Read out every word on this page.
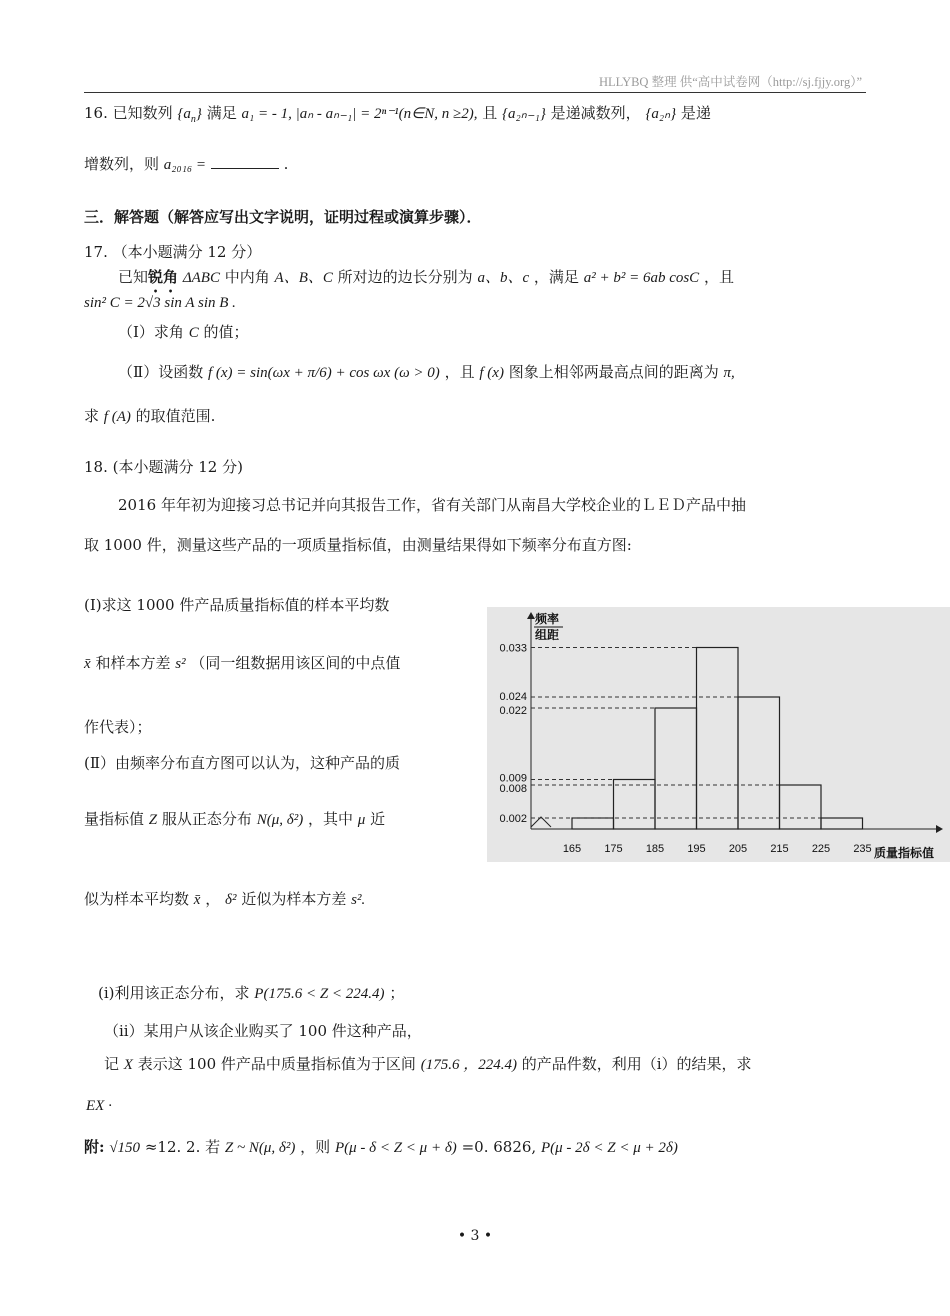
HLLYBQ 整理 供“高中试卷网（http://sj.fjjy.org）”
16. 已知数列 $\{a_n\}$ 满足 a₁ = - 1, |aₙ - aₙ₋₁| = 2ⁿ⁻¹(n∈N, n ≥2), 且 {a₂ₙ₋₁} 是递减数列， {a₂ₙ} 是递
增数列，则 a₂₀₁₆ =	.
三．解答题（解答应写出文字说明，证明过程或演算步骤）．
17. （本小题满分 12 分）
已知锐角 ΔABC 中内角 A、B、C 所对边的边长分别为 a、b、c ，满足 a² + b² = 6ab cosC ，且
sin² C = 2√3 sin A sin B .
（Ⅰ）求角 C 的值；
（Ⅱ）设函数 f (x) = sin(ωx + π/6) + cos ωx (ω > 0) ，且 f (x) 图象上相邻两最高点间的距离为 π,
求 f (A) 的取值范围.
18. (本小题满分 12 分)
2016 年年初为迎接习总书记并向其报告工作，省有关部门从南昌大学校企业的ＬＥＤ产品中抽
取 1000 件，测量这些产品的一项质量指标值，由测量结果得如下频率分布直方图:
(Ⅰ)求这 1000 件产品质量指标值的样本平均数
x̄ 和样本方差 s² （同一组数据用该区间的中点值
作代表）；
(Ⅱ）由频率分布直方图可以认为，这种产品的质
量指标值 Z 服从正态分布 N(μ, δ²) ，其中 μ 近
似为样本平均数 x̄ ， δ² 近似为样本方差 s².
(i)利用该正态分布，求 P(175.6 < Z < 224.4) ；
（ii）某用户从该企业购买了 100 件这种产品，
记 X 表示这 100 件产品中质量指标值为于区间 (175.6 ，224.4) 的产品件数，利用（i）的结果，求
EX ·
附: √150 ≈12. 2. 若 Z ~ N(μ, δ²) ，则 P(μ - δ < Z < μ + δ) =0. 6826, P(μ - 2δ < Z < μ + 2δ)
频率
组距
质量指标值
0.033
0.024
0.022
0.009
0.008
0.002
165 175 185 195 205 215 225 235
• 3 •
